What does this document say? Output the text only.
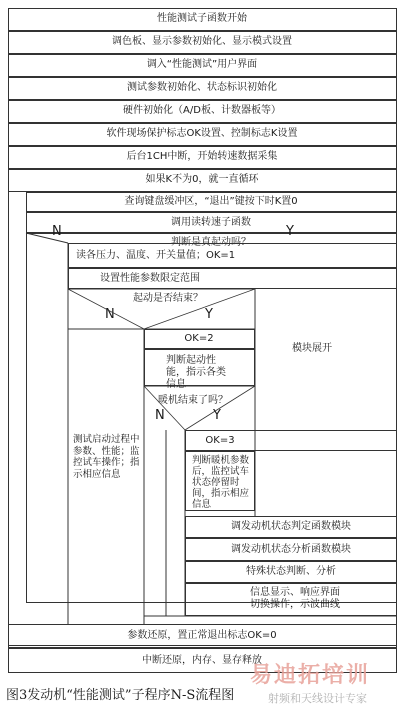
性能测试子函数开始
调色板、显示参数初始化、显示模式设置
调入“性能测试”用户界面
测试参数初始化、状态标识初始化
硬件初始化（A/D板、计数器板等）
软件现场保护标志OK设置、控制标志K设置
后台1CH中断，开始转速数据采集
如果K不为0，就一直循环
查询键盘缓冲区，“退出”键按下时K置0
调用读转速子函数
判断是真起动吗？
N	Y
读各压力、温度、开关量值；OK=1
设置性能参数限定范围
起动是否结束？
N	Y
OK=2
判断起动性能，指示各类信息
模块展开
暖机结束了吗？
N	Y
OK=3
判断暖机参数后，监控试车状态停留时间，指示相应信息
测试启动过程中参数、性能；监控试车操作；指示相应信息
调发动机状态判定函数模块
调发动机状态分析函数模块
特殊状态判断、分析
信息显示、响应界面切换操作，示波曲线
参数还原，置正常退出标志OK=0
中断还原，内存、显存释放
图3发动机“性能测试”子程序N-S流程图
易迪拓培训
射频和天线设计专家
